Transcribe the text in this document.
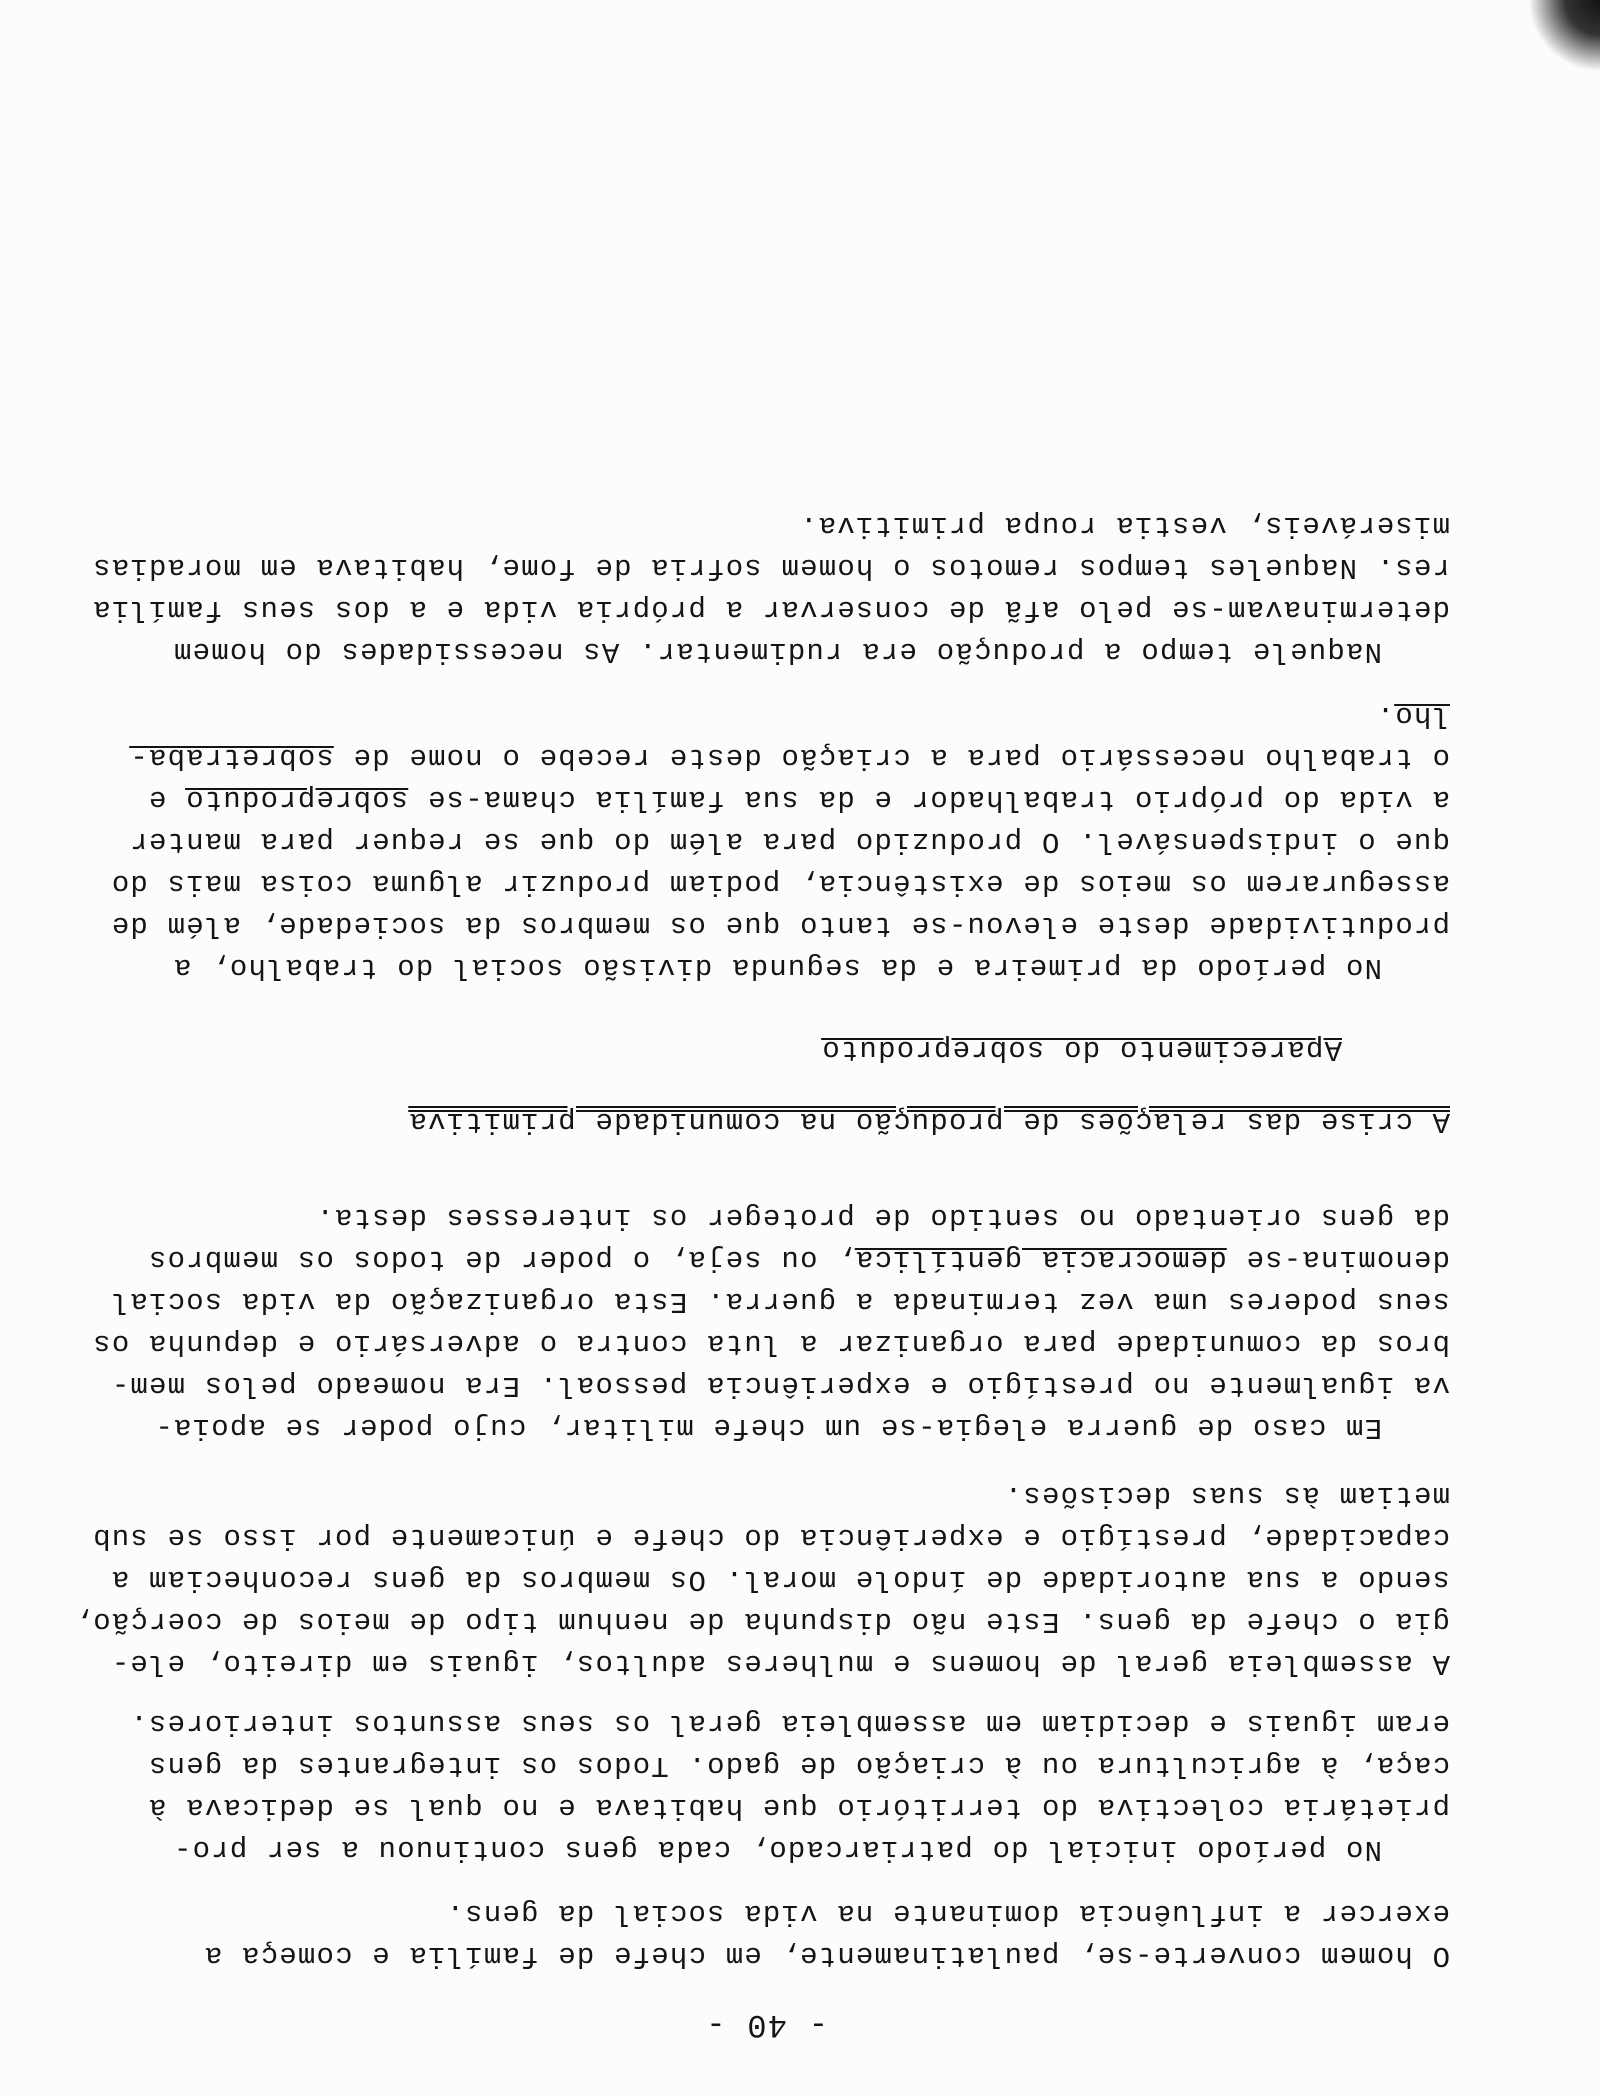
- 40 -
O homem converte-se, paulatinamente, em chefe de família e começa a
exercer a influência dominante na vida social da gens.
No período inicial do patriarcado, cada gens continuou a ser pro-
prietária colectiva do território que habitava e no qual se dedicava à
caça, à agricultura ou à criação de gado. Todos os integrantes da gens
eram iguais e decidiam em assembleia geral os seus assuntos interiores.
A assembleia geral de homens e mulheres adultos, iguais em direito, ele-
gia o chefe da gens. Este não dispunha de nenhum tipo de meios de coerção,
sendo a sua autoridade de índole moral. Os membros da gens reconheciam a
capacidade, prestígio e experiência do chefe e únicamente por isso se sub
metiam às suas decisões.
Em caso de guerra elegia-se um chefe militar, cujo poder se apoia-
va igualmente no prestígio e experiência pessoal. Era nomeado pelos mem-
bros da comunidade para organizar a luta contra o adversário e depunha os
seus poderes uma vez terminada a guerra. Esta organização da vida social
denomina-se democracia gentílica, ou seja, o poder de todos os membros
da gens orientado no sentido de proteger os interesses desta.
A crise das relações de produção na comunidade primitiva
Aparecimento do sobreproduto
No período da primeira e da segunda divisão social do trabalho, a
produtividade deste elevou-se tanto que os membros da sociedade, além de
assegurarem os meios de existência, podiam produzir alguma coisa mais do
que o indispensável. O produzido para além do que se requer para manter
a vida do próprio trabalhador e da sua família chama-se sobreproduto e
o trabalho necessário para a criação deste recebe o nome de sobretraba-
lho.
Naquele tempo a produção era rudimentar. As necessidades do homem
determinavam-se pelo afã de conservar a própria vida e a dos seus família
res. Naqueles tempos remotos o homem sofria de fome, habitava em moradias
miseráveis, vestia roupa primitiva.
